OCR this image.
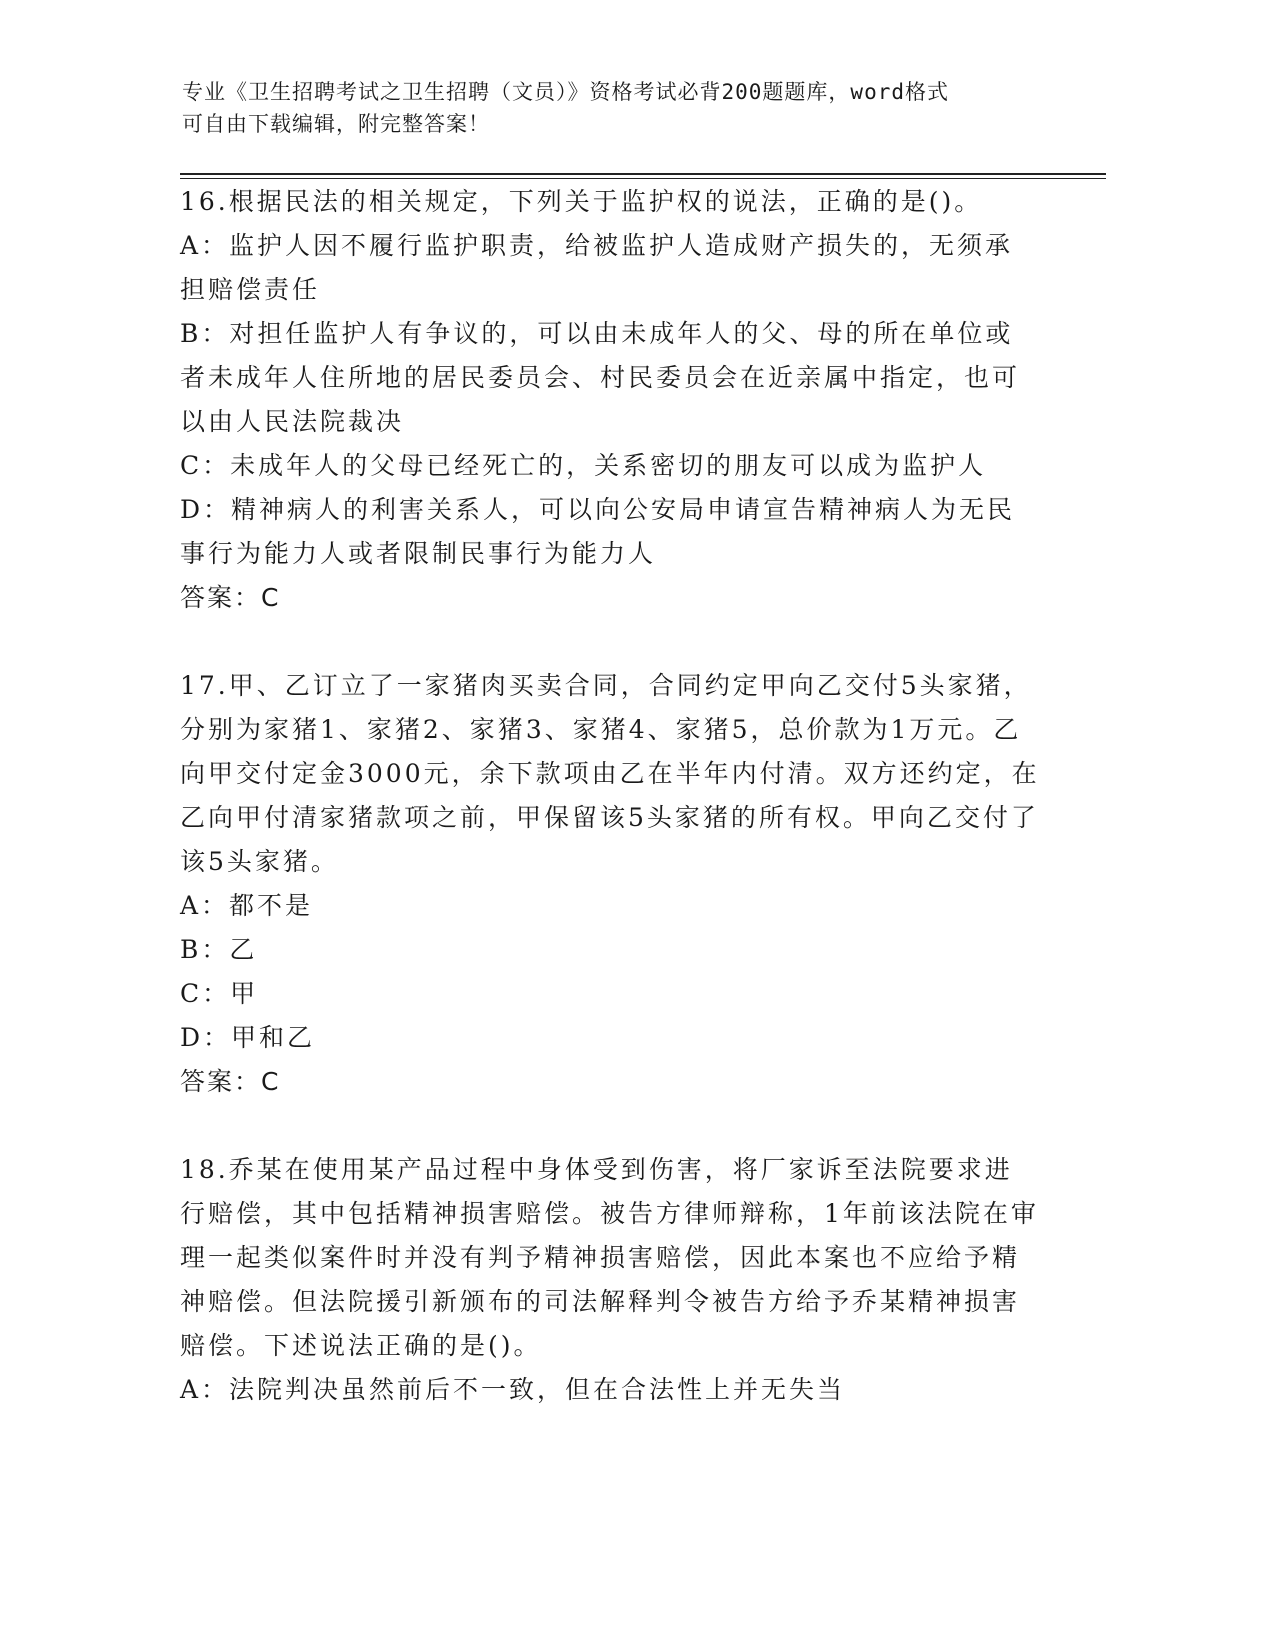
专业《卫生招聘考试之卫生招聘（文员）》资格考试必背200题题库，word格式

可自由下载编辑，附完整答案！

16.根据民法的相关规定，下列关于监护权的说法，正确的是()。

A：监护人因不履行监护职责，给被监护人造成财产损失的，无须承担赔偿责任

B：对担任监护人有争议的，可以由未成年人的父、母的所在单位或者未成年人住所地的居民委员会、村民委员会在近亲属中指定，也可以由人民法院裁决

C：未成年人的父母已经死亡的，关系密切的朋友可以成为监护人

D：精神病人的利害关系人，可以向公安局申请宣告精神病人为无民事行为能力人或者限制民事行为能力人

答案：C

17.甲、乙订立了一家猪肉买卖合同，合同约定甲向乙交付5头家猪，分别为家猪1、家猪2、家猪3、家猪4、家猪5，总价款为1万元。乙向甲交付定金3000元，余下款项由乙在半年内付清。双方还约定，在乙向甲付清家猪款项之前，甲保留该5头家猪的所有权。甲向乙交付了该5头家猪。

A：都不是

B：乙

C：甲

D：甲和乙

答案：C

18.乔某在使用某产品过程中身体受到伤害，将厂家诉至法院要求进行赔偿，其中包括精神损害赔偿。被告方律师辩称，1年前该法院在审理一起类似案件时并没有判予精神损害赔偿，因此本案也不应给予精神赔偿。但法院援引新颁布的司法解释判令被告方给予乔某精神损害赔偿。下述说法正确的是()。

A：法院判决虽然前后不一致，但在合法性上并无失当
